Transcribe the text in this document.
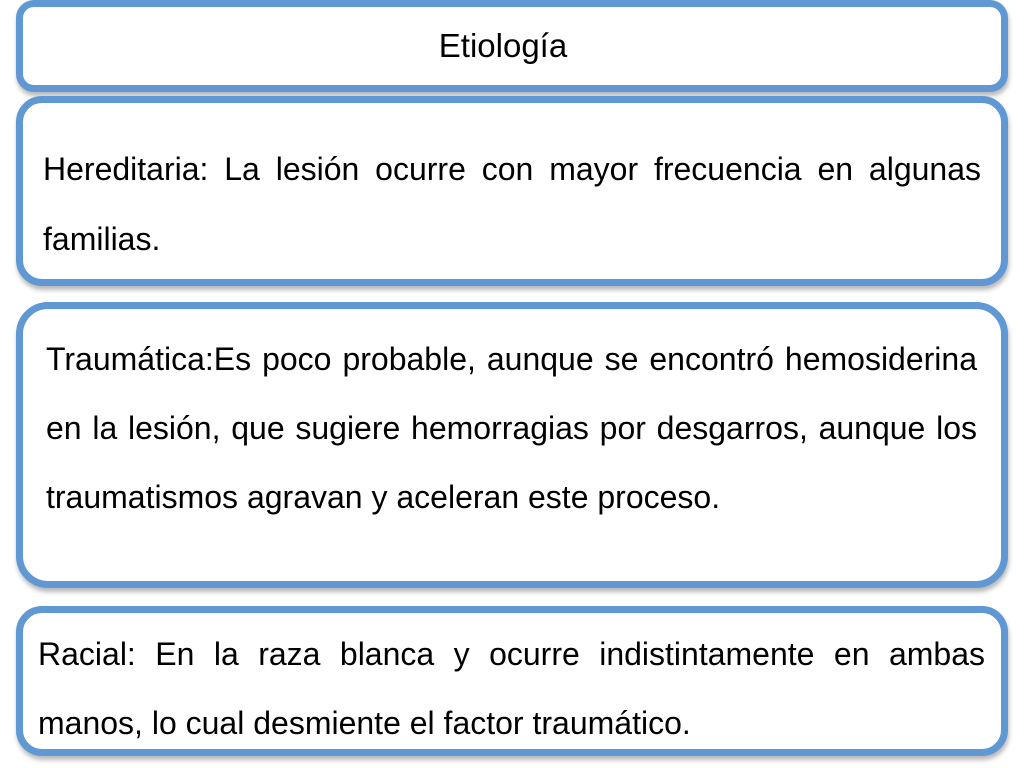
Etiología

Hereditaria: La lesión ocurre con mayor frecuencia en algunas familias.

Traumática:Es poco probable, aunque se encontró hemosiderina en la lesión, que sugiere hemorragias por desgarros, aunque los traumatismos agravan y aceleran este proceso.

Racial: En la raza blanca y ocurre indistintamente en ambas manos, lo cual desmiente el factor traumático.
